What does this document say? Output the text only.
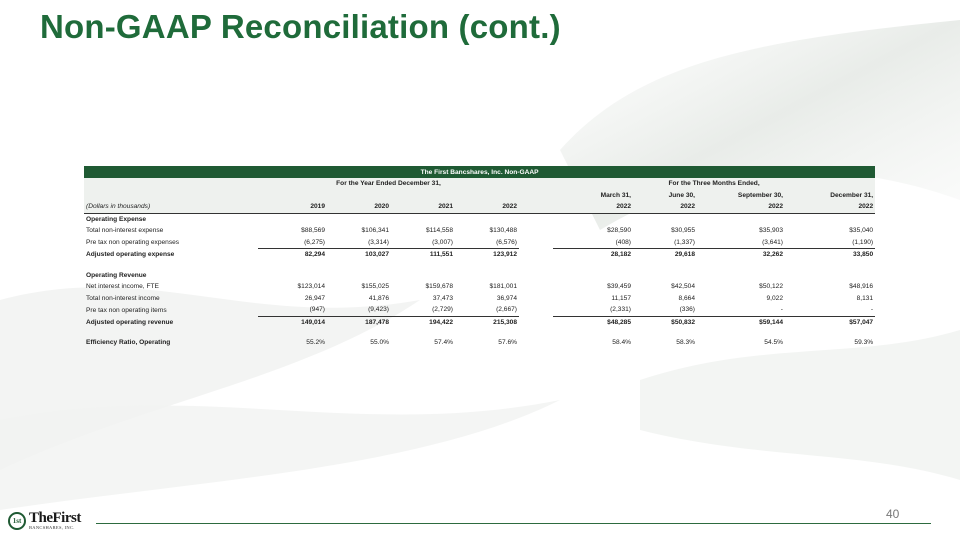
Non-GAAP Reconciliation (cont.)
The First Bancshares, Inc. Non-GAAP									
	For the Year Ended December 31,					For the Three Months Ended,			
						March 31,	June 30,	September 30,	December 31,
(Dollars in thousands)	2019	2020	2021	2022		2022	2022	2022	2022
Operating Expense									
Total non-interest expense	$88,569	$106,341	$114,558	$130,488		$28,590	$30,955	$35,903	$35,040
Pre tax non operating expenses	(6,275)	(3,314)	(3,007)	(6,576)		(408)	(1,337)	(3,641)	(1,190)
Adjusted operating expense	82,294	103,027	111,551	123,912		28,182	29,618	32,262	33,850

Operating Revenue									
Net interest income, FTE	$123,014	$155,025	$159,678	$181,001		$39,459	$42,504	$50,122	$48,916
Total non-interest income	26,947	41,876	37,473	36,974		11,157	8,664	9,022	8,131
Pre tax non operating items	(947)	(9,423)	(2,729)	(2,667)		(2,331)	(336)	-	-
Adjusted operating revenue	149,014	187,478	194,422	215,308		$48,285	$50,832	$59,144	$57,047

Efficiency Ratio, Operating	55.2%	55.0%	57.4%	57.6%		58.4%	58.3%	54.5%	59.3%
1st TheFirst
BANCSHARES, INC.
40
